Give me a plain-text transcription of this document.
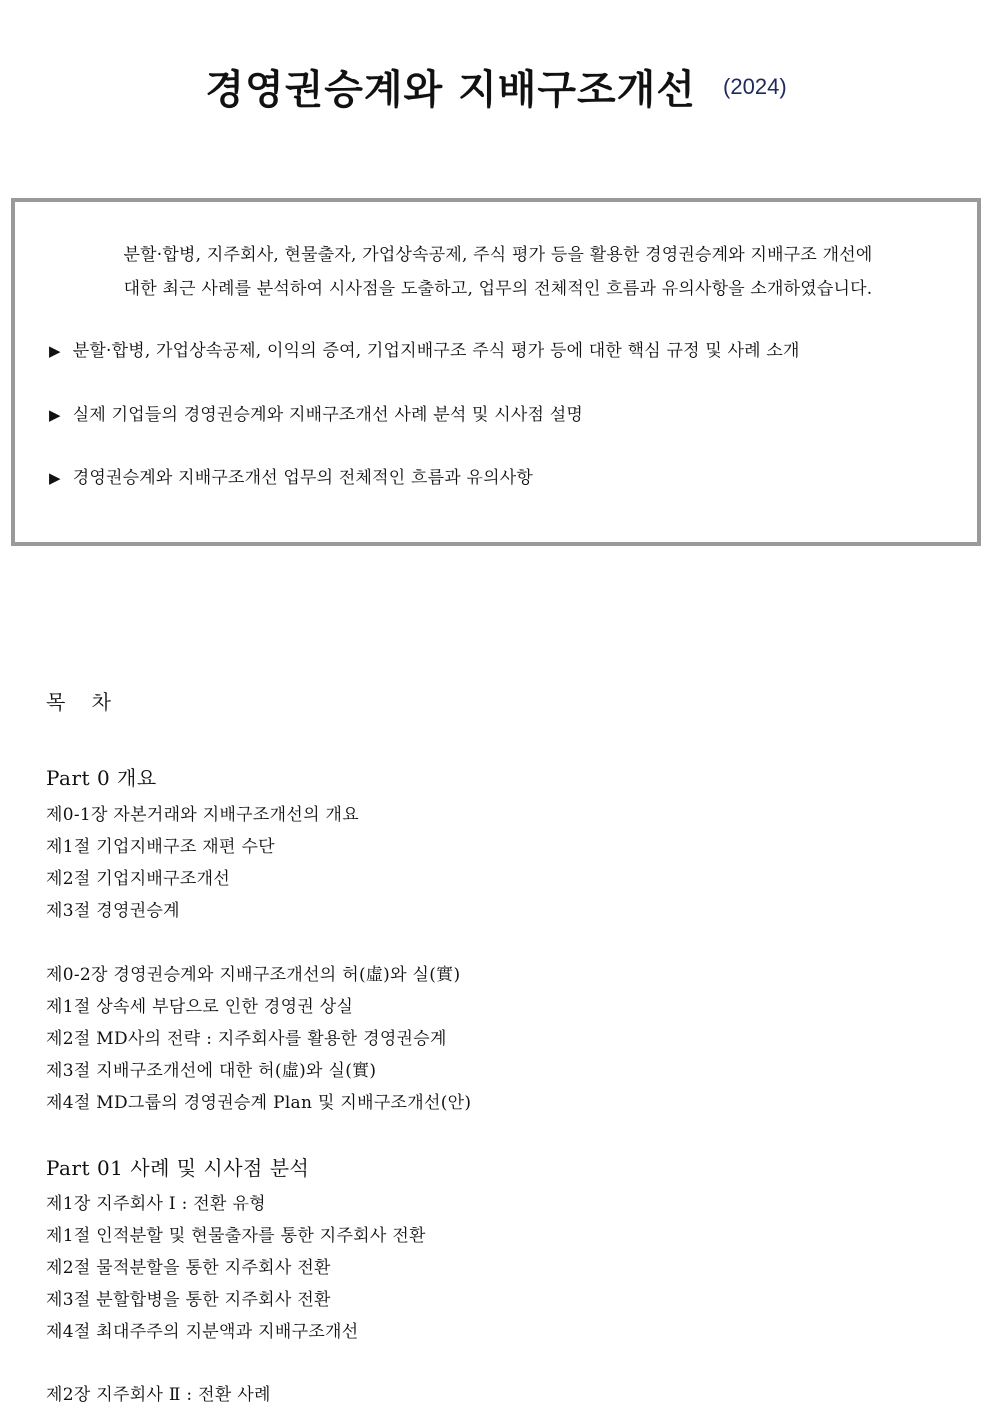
경영권승계와 지배구조개선 (2024)
분할·합병, 지주회사, 현물출자, 가업상속공제, 주식 평가 등을 활용한 경영권승계와 지배구조 개선에
대한 최근 사례를 분석하여 시사점을 도출하고, 업무의 전체적인 흐름과 유의사항을 소개하였습니다.
▶ 분할·합병, 가업상속공제, 이익의 증여, 기업지배구조 주식 평가 등에 대한 핵심 규정 및 사례 소개
▶ 실제 기업들의 경영권승계와 지배구조개선 사례 분석 및 시사점 설명
▶ 경영권승계와 지배구조개선 업무의 전체적인 흐름과 유의사항
목 차
Part 0 개요
제0-1장 자본거래와 지배구조개선의 개요
제1절 기업지배구조 재편 수단
제2절 기업지배구조개선
제3절 경영권승계
제0-2장 경영권승계와 지배구조개선의 허(虛)와 실(實)
제1절 상속세 부담으로 인한 경영권 상실
제2절 MD사의 전략 : 지주회사를 활용한 경영권승계
제3절 지배구조개선에 대한 허(虛)와 실(實)
제4절 MD그룹의 경영권승계 Plan 및 지배구조개선(안)
Part 01 사례 및 시사점 분석
제1장 지주회사 Ⅰ : 전환 유형
제1절 인적분할 및 현물출자를 통한 지주회사 전환
제2절 물적분할을 통한 지주회사 전환
제3절 분할합병을 통한 지주회사 전환
제4절 최대주주의 지분액과 지배구조개선
제2장 지주회사 Ⅱ : 전환 사례
